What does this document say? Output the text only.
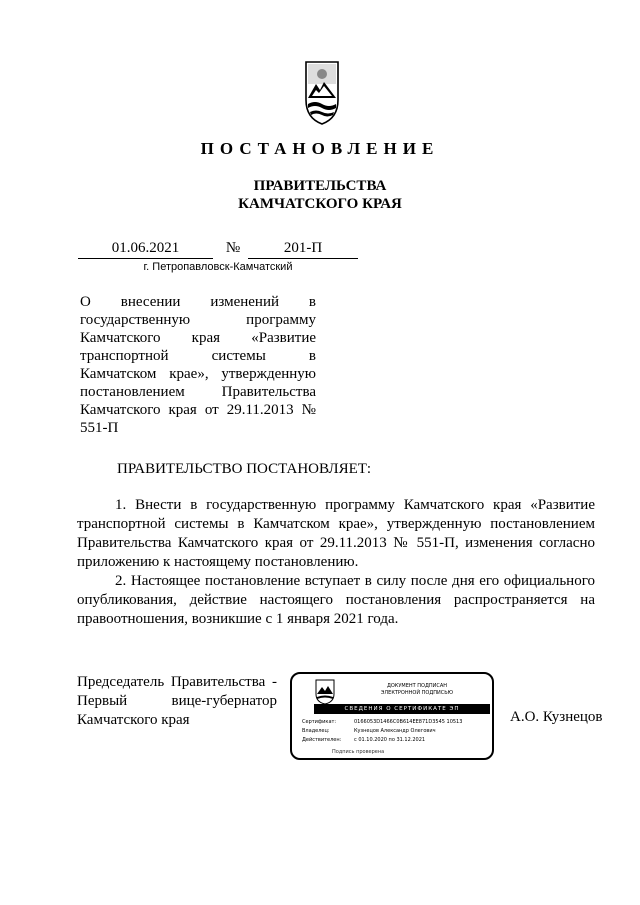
ПОСТАНОВЛЕНИЕ
ПРАВИТЕЛЬСТВА
КАМЧАТСКОГО КРАЯ
01.06.2021	№	201-П
г. Петропавловск-Камчатский
О внесении изменений в государственную программу Камчатского края «Развитие транспортной системы в Камчатском крае», утвержденную постановлением Правительства Камчатского края от 29.11.2013 № 551-П
ПРАВИТЕЛЬСТВО ПОСТАНОВЛЯЕТ:
1. Внести в государственную программу Камчатского края «Развитие транспортной системы в Камчатском крае», утвержденную постановлением Правительства Камчатского края от 29.11.2013 № 551-П, изменения согласно приложению к настоящему постановлению.
2. Настоящее постановление вступает в силу после дня его официального опубликования, действие настоящего постановления распространяется на правоотношения, возникшие с 1 января 2021 года.
Председатель Правительства -
Первый вице-губернатор
Камчатского края
ДОКУМЕНТ ПОДПИСАН
ЭЛЕКТРОННОЙ ПОДПИСЬЮ
СВЕДЕНИЯ О СЕРТИФИКАТЕ ЭП
Сертификат:	0166053D1466C0B614EE871D3545 10513
Владелец:	Кузнецов Александр Олегович
Действителен:	с 01.10.2020 по 31.12.2021
Подпись проверена
А.О. Кузнецов
